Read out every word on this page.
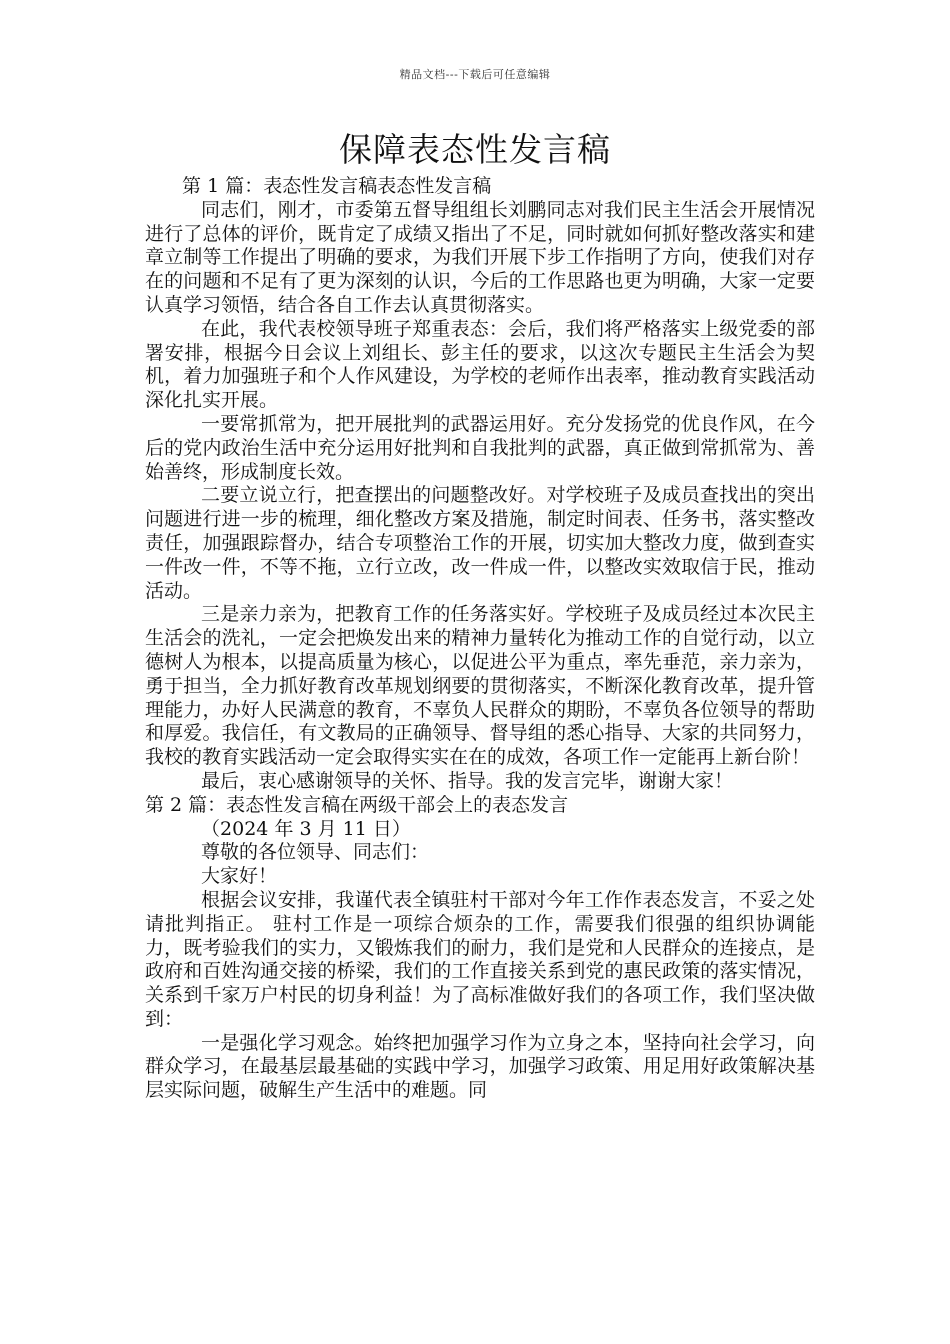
精品文档---下载后可任意编辑
保障表态性发言稿

第 1 篇：表态性发言稿表态性发言稿

同志们，刚才，市委第五督导组组长刘鹏同志对我们民主生活会开展情况进行了总体的评价，既肯定了成绩又指出了不足，同时就如何抓好整改落实和建章立制等工作提出了明确的要求，为我们开展下步工作指明了方向，使我们对存在的问题和不足有了更为深刻的认识，今后的工作思路也更为明确，大家一定要认真学习领悟，结合各自工作去认真贯彻落实。

在此，我代表校领导班子郑重表态：会后，我们将严格落实上级党委的部署安排，根据今日会议上刘组长、彭主任的要求，以这次专题民主生活会为契机，着力加强班子和个人作风建设，为学校的老师作出表率，推动教育实践活动深化扎实开展。

一要常抓常为，把开展批判的武器运用好。充分发扬党的优良作风，在今后的党内政治生活中充分运用好批判和自我批判的武器，真正做到常抓常为、善始善终，形成制度长效。

二要立说立行，把查摆出的问题整改好。对学校班子及成员查找出的突出问题进行进一步的梳理，细化整改方案及措施，制定时间表、任务书，落实整改责任，加强跟踪督办，结合专项整治工作的开展，切实加大整改力度，做到查实一件改一件，不等不拖，立行立改，改一件成一件，以整改实效取信于民，推动活动。

三是亲力亲为，把教育工作的任务落实好。学校班子及成员经过本次民主生活会的洗礼，一定会把焕发出来的精神力量转化为推动工作的自觉行动，以立德树人为根本，以提高质量为核心，以促进公平为重点，率先垂范，亲力亲为，勇于担当，全力抓好教育改革规划纲要的贯彻落实，不断深化教育改革，提升管理能力，办好人民满意的教育，不辜负人民群众的期盼，不辜负各位领导的帮助和厚爱。我信任，有文教局的正确领导、督导组的悉心指导、大家的共同努力，我校的教育实践活动一定会取得实实在在的成效，各项工作一定能再上新台阶！

最后，衷心感谢领导的关怀、指导。我的发言完毕，谢谢大家！

第 2 篇：表态性发言稿在两级干部会上的表态发言

（2024 年 3 月 11 日）

尊敬的各位领导、同志们：

大家好！

根据会议安排，我谨代表全镇驻村干部对今年工作作表态发言，不妥之处请批判指正。 驻村工作是一项综合烦杂的工作，需要我们很强的组织协调能力，既考验我们的实力，又锻炼我们的耐力，我们是党和人民群众的连接点，是政府和百姓沟通交接的桥梁，我们的工作直接关系到党的惠民政策的落实情况，关系到千家万户村民的切身利益！为了高标准做好我们的各项工作，我们坚决做到：

一是强化学习观念。始终把加强学习作为立身之本，坚持向社会学习，向群众学习，在最基层最基础的实践中学习，加强学习政策、用足用好政策解决基层实际问题，破解生产生活中的难题。同
